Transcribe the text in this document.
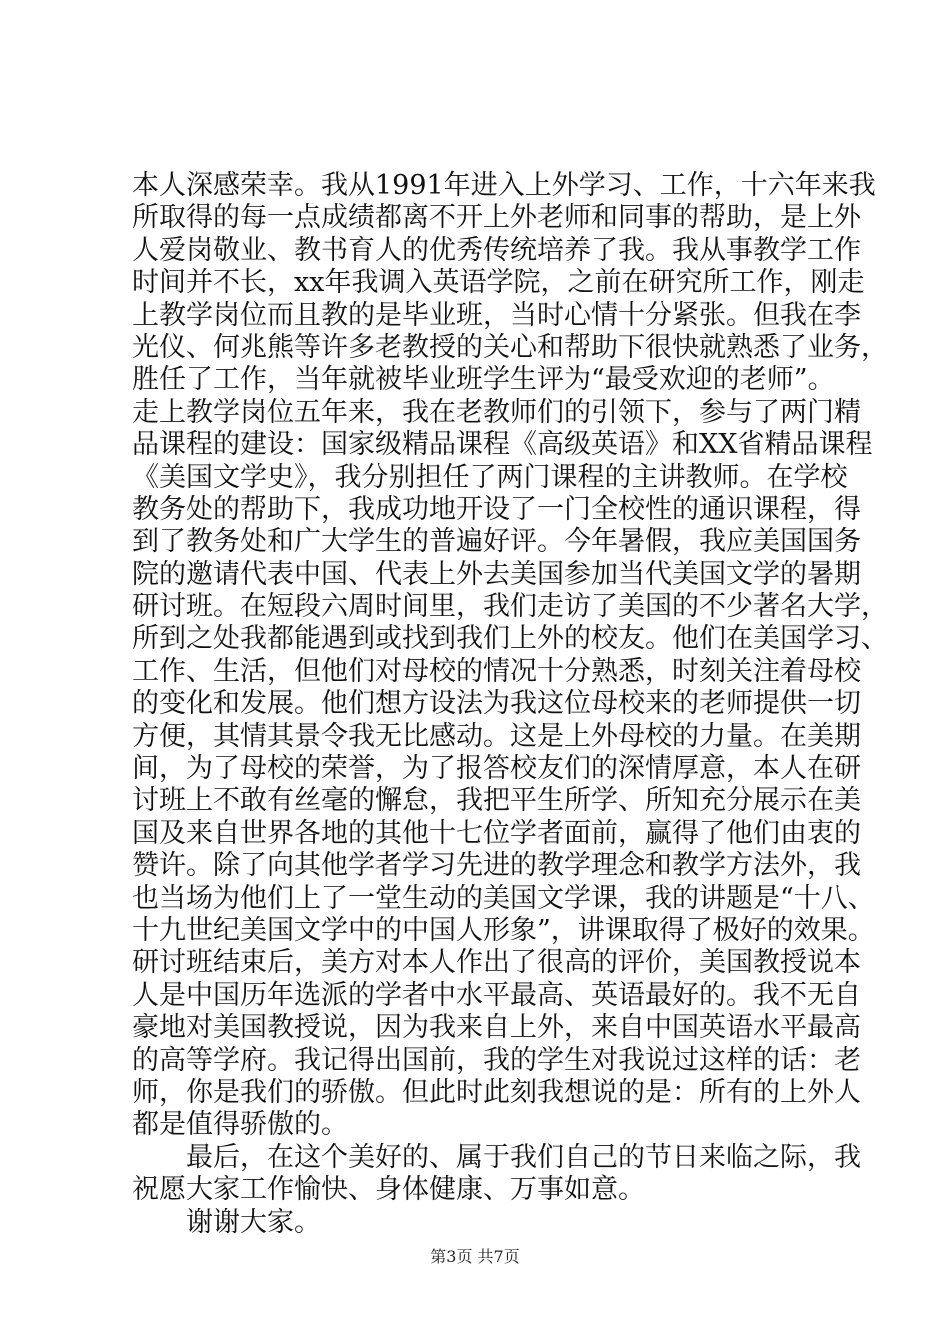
本人深感荣幸。我从1991年进入上外学习、工作，十六年来我
所取得的每一点成绩都离不开上外老师和同事的帮助，是上外
人爱岗敬业、教书育人的优秀传统培养了我。我从事教学工作
时间并不长，xx年我调入英语学院，之前在研究所工作，刚走
上教学岗位而且教的是毕业班，当时心情十分紧张。但我在李
光仪、何兆熊等许多老教授的关心和帮助下很快就熟悉了业务，
胜任了工作，当年就被毕业班学生评为“最受欢迎的老师”。
走上教学岗位五年来，我在老教师们的引领下，参与了两门精
品课程的建设：国家级精品课程《高级英语》和XX省精品课程
《美国文学史》，我分别担任了两门课程的主讲教师。在学校
教务处的帮助下，我成功地开设了一门全校性的通识课程，得
到了教务处和广大学生的普遍好评。今年暑假，我应美国国务
院的邀请代表中国、代表上外去美国参加当代美国文学的暑期
研讨班。在短段六周时间里，我们走访了美国的不少著名大学，
所到之处我都能遇到或找到我们上外的校友。他们在美国学习、
工作、生活，但他们对母校的情况十分熟悉，时刻关注着母校
的变化和发展。他们想方设法为我这位母校来的老师提供一切
方便，其情其景令我无比感动。这是上外母校的力量。在美期
间，为了母校的荣誉，为了报答校友们的深情厚意，本人在研
讨班上不敢有丝毫的懈怠，我把平生所学、所知充分展示在美
国及来自世界各地的其他十七位学者面前，赢得了他们由衷的
赞许。除了向其他学者学习先进的教学理念和教学方法外，我
也当场为他们上了一堂生动的美国文学课，我的讲题是“十八、
十九世纪美国文学中的中国人形象”，讲课取得了极好的效果。
研讨班结束后，美方对本人作出了很高的评价，美国教授说本
人是中国历年选派的学者中水平最高、英语最好的。我不无自
豪地对美国教授说，因为我来自上外，来自中国英语水平最高
的高等学府。我记得出国前，我的学生对我说过这样的话：老
师，你是我们的骄傲。但此时此刻我想说的是：所有的上外人
都是值得骄傲的。
最后，在这个美好的、属于我们自己的节日来临之际，我
祝愿大家工作愉快、身体健康、万事如意。
谢谢大家。
第3页 共7页
